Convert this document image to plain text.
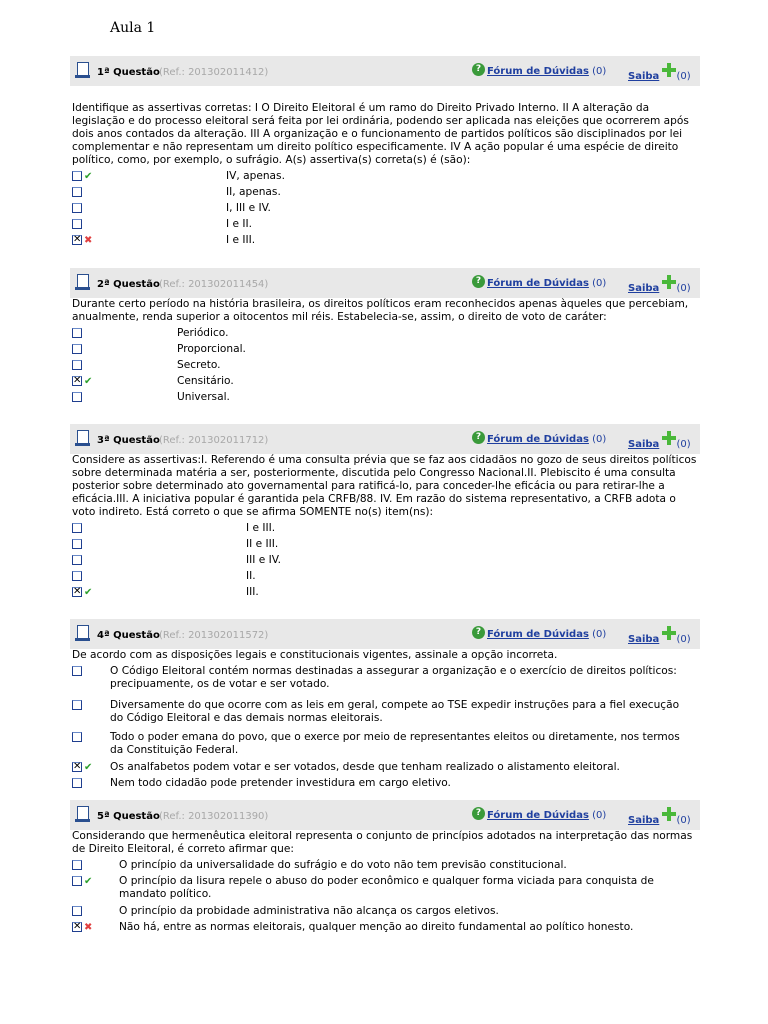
Aula 1
1ª Questão (Ref.: 201302011412)	? Fórum de Dúvidas (0) Saiba (0)

Identifique as assertivas corretas: I O Direito Eleitoral é um ramo do Direito Privado Interno. II A alteração da legislação e do processo eleitoral será feita por lei ordinária, podendo ser aplicada nas eleições que ocorrerem após dois anos contados da alteração. III A organização e o funcionamento de partidos políticos são disciplinados por lei complementar e não representam um direito político especificamente. IV A ação popular é uma espécie de direito político, como, por exemplo, o sufrágio. A(s) assertiva(s) correta(s) é (são):

✔	IV, apenas.
II, apenas.
I, III e IV.
I e II.
✕ ✖	I e III.
2ª Questão (Ref.: 201302011454)	? Fórum de Dúvidas (0) Saiba (0)

Durante certo período na história brasileira, os direitos políticos eram reconhecidos apenas àqueles que percebiam, anualmente, renda superior a oitocentos mil réis. Estabelecia-se, assim, o direito de voto de caráter:

Periódico.
Proporcional.
Secreto.
✕ ✔	Censitário.
Universal.
3ª Questão (Ref.: 201302011712)	? Fórum de Dúvidas (0) Saiba (0)

Considere as assertivas:I. Referendo é uma consulta prévia que se faz aos cidadãos no gozo de seus direitos políticos sobre determinada matéria a ser, posteriormente, discutida pelo Congresso Nacional.II. Plebiscito é uma consulta posterior sobre determinado ato governamental para ratificá-lo, para conceder-lhe eficácia ou para retirar-lhe a eficácia.III. A iniciativa popular é garantida pela CRFB/88. IV. Em razão do sistema representativo, a CRFB adota o voto indireto. Está correto o que se afirma SOMENTE no(s) item(ns):

I e III.
II e III.
III e IV.
II.
✕ ✔	III.
4ª Questão (Ref.: 201302011572)	? Fórum de Dúvidas (0) Saiba (0)

De acordo com as disposições legais e constitucionais vigentes, assinale a opção incorreta.

O Código Eleitoral contém normas destinadas a assegurar a organização e o exercício de direitos políticos: precipuamente, os de votar e ser votado.
Diversamente do que ocorre com as leis em geral, compete ao TSE expedir instruções para a fiel execução do Código Eleitoral e das demais normas eleitorais.
Todo o poder emana do povo, que o exerce por meio de representantes eleitos ou diretamente, nos termos da Constituição Federal.
✕ ✔ Os analfabetos podem votar e ser votados, desde que tenham realizado o alistamento eleitoral.
Nem todo cidadão pode pretender investidura em cargo eletivo.
5ª Questão (Ref.: 201302011390)	? Fórum de Dúvidas (0) Saiba (0)

Considerando que hermenêutica eleitoral representa o conjunto de princípios adotados na interpretação das normas de Direito Eleitoral, é correto afirmar que:

O princípio da universalidade do sufrágio e do voto não tem previsão constitucional.
✔	O princípio da lisura repele o abuso do poder econômico e qualquer forma viciada para conquista de mandato político.
O princípio da probidade administrativa não alcança os cargos eletivos.
✕ ✖	Não há, entre as normas eleitorais, qualquer menção ao direito fundamental ao político honesto.
